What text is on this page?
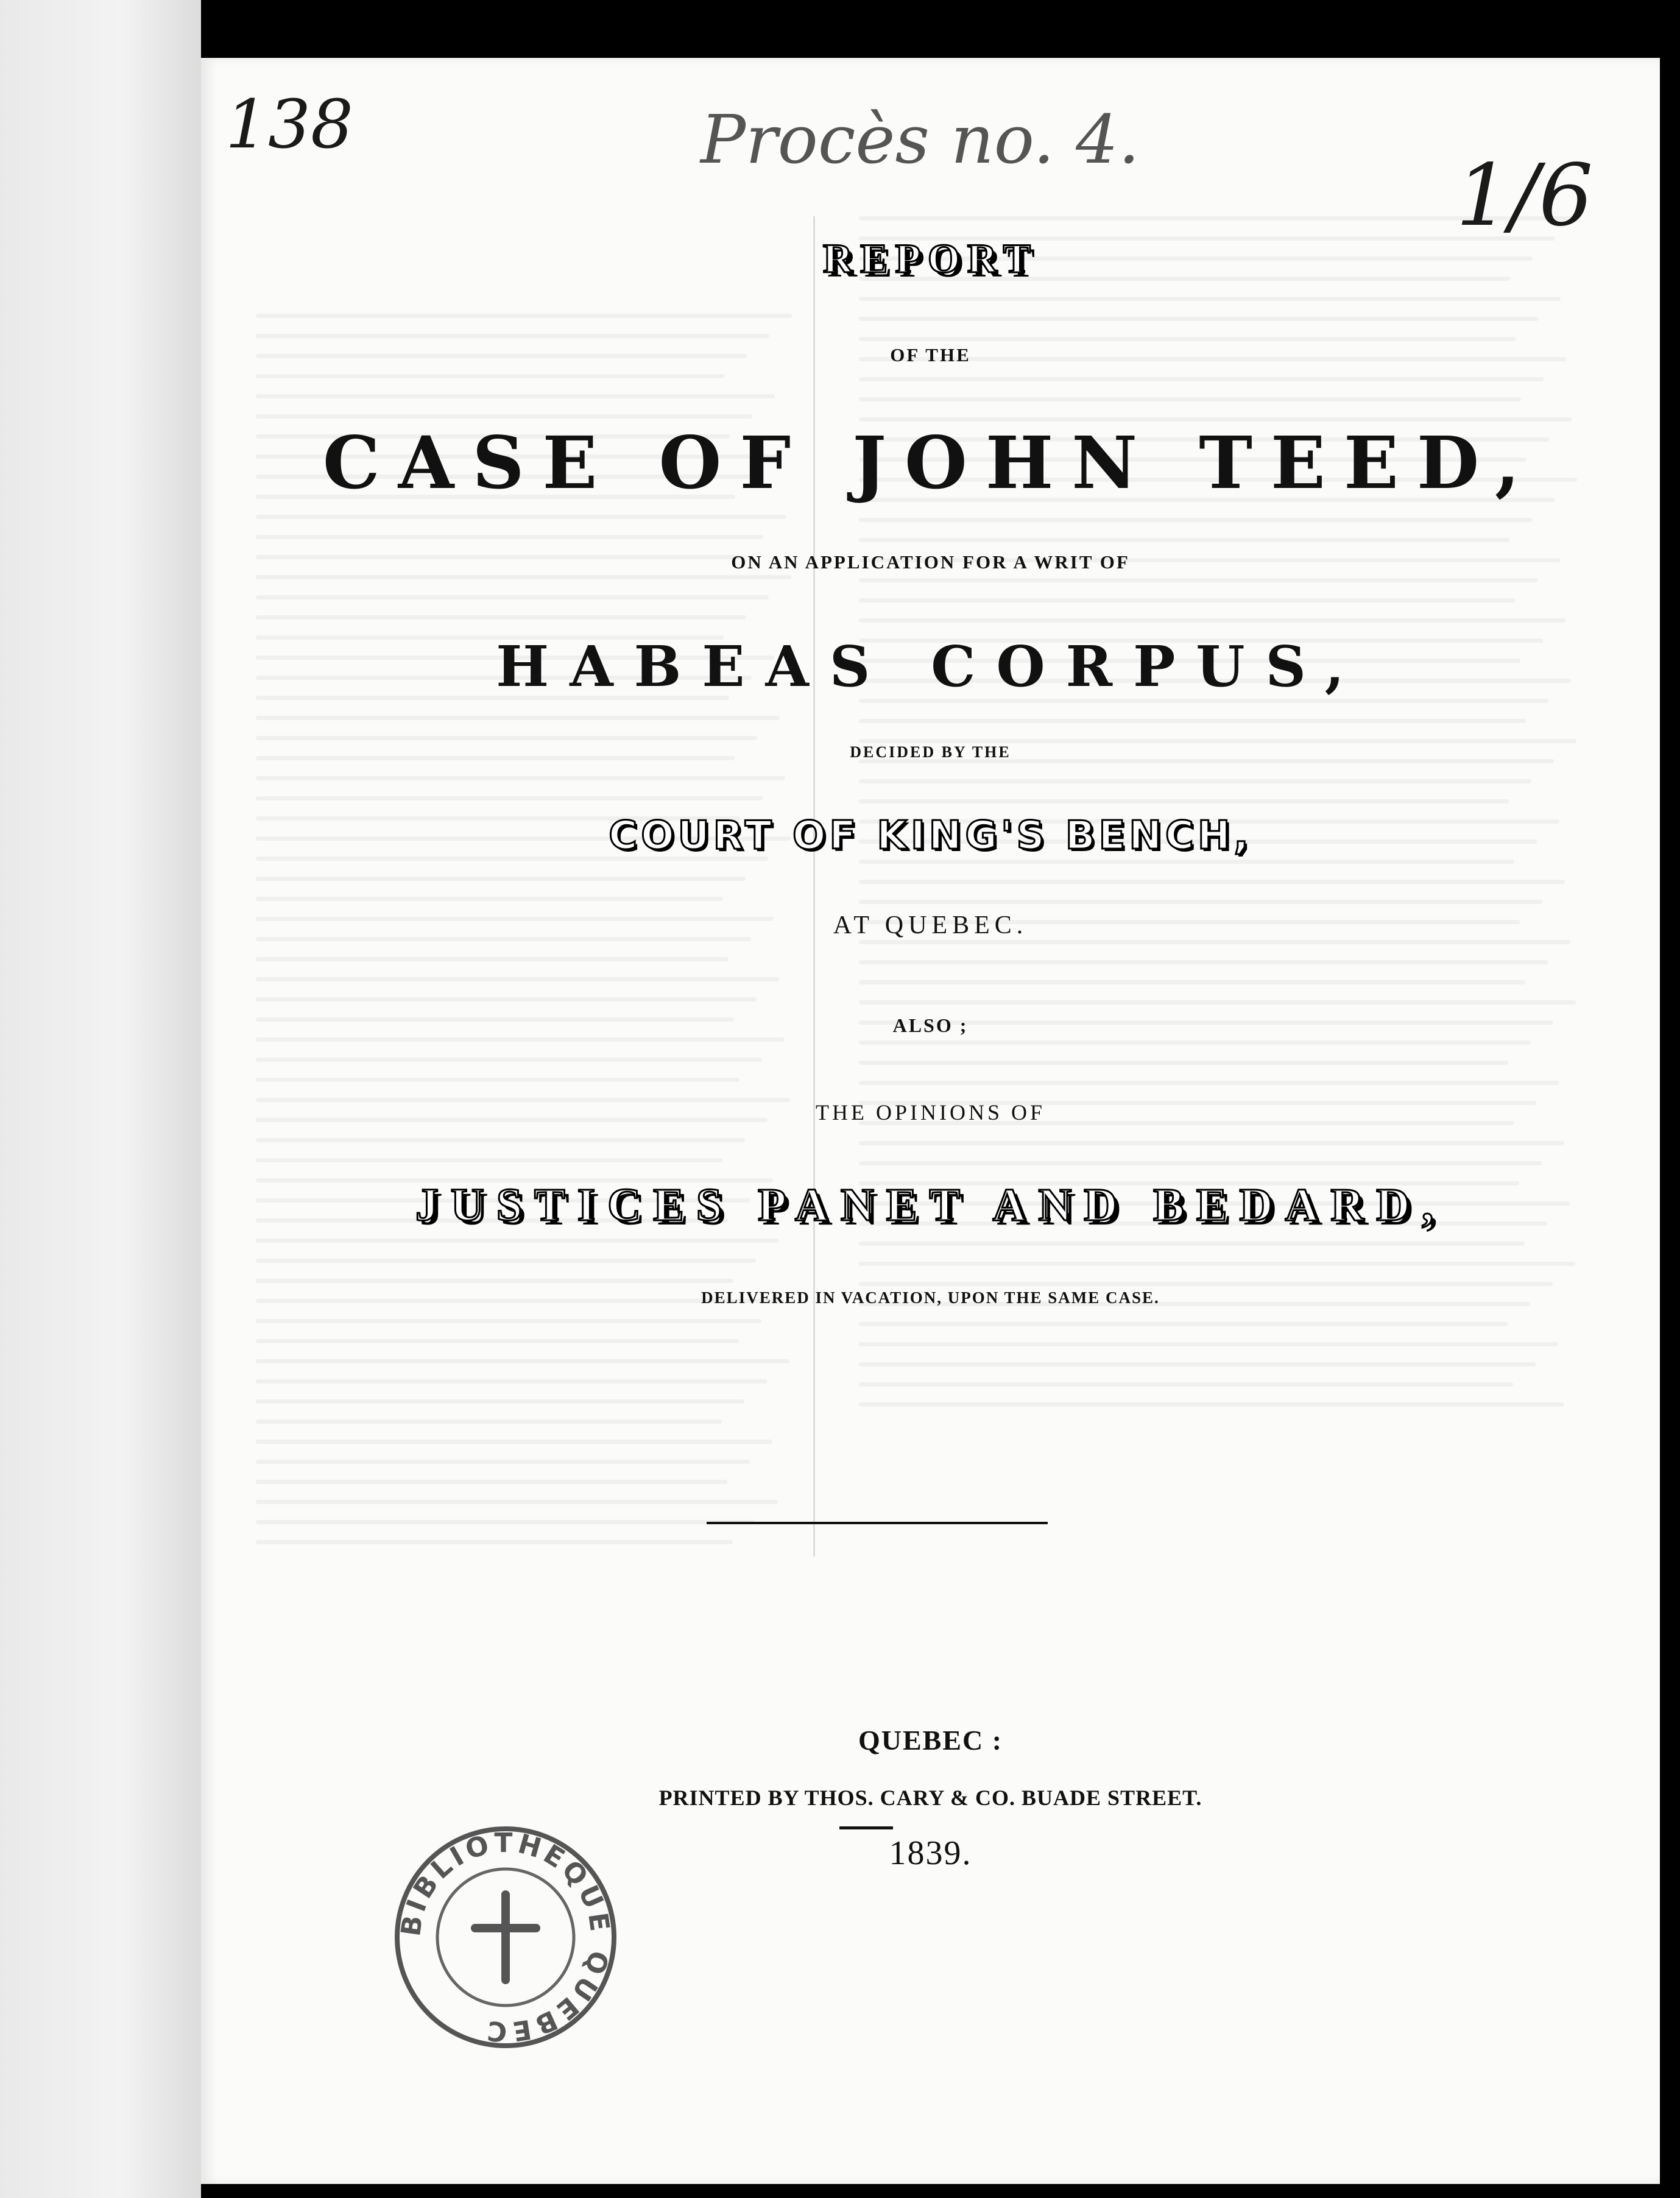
138	Procès no. 4.
1/6
REPORT
OF THE
CASE OF JOHN TEED,
ON AN APPLICATION FOR A WRIT OF
HABEAS CORPUS,
DECIDED BY THE
COURT OF KING'S BENCH,
AT QUEBEC.
ALSO ;
THE OPINIONS OF
JUSTICES PANET AND BEDARD,
DELIVERED IN VACATION, UPON THE SAME CASE.
QUEBEC :
PRINTED BY THOS. CARY & CO. BUADE STREET.
1839.
BIBLIOTHÈQUE QUÉBEC
